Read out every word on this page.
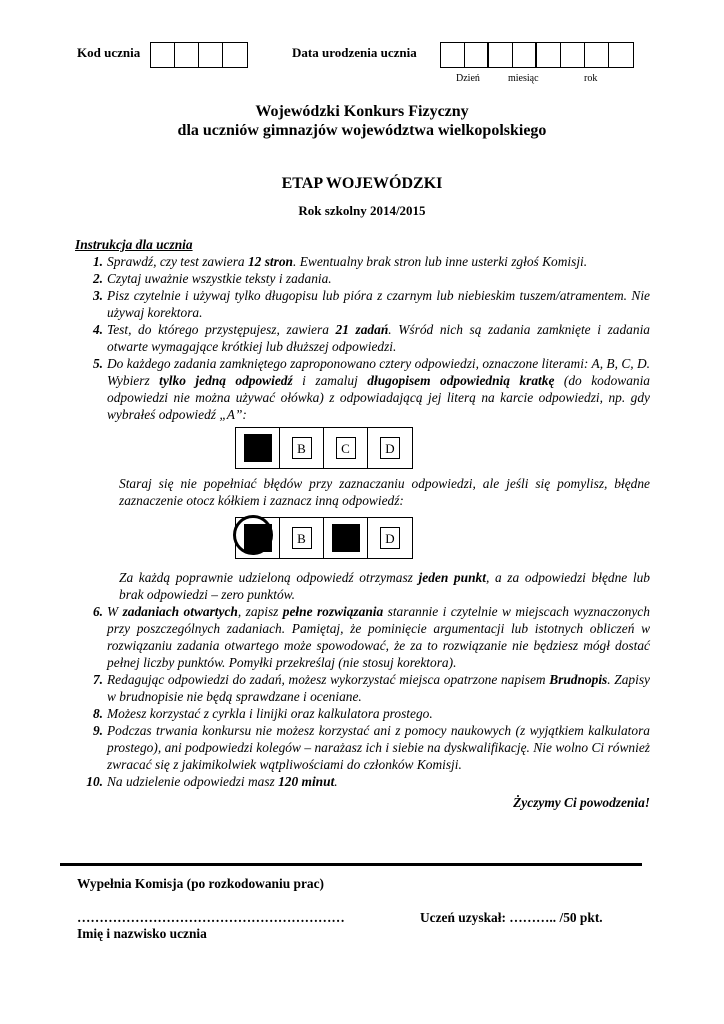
Kod ucznia	Data urodzenia ucznia
Dzień	miesiąc	rok
Wojewódzki Konkurs Fizyczny
dla uczniów gimnazjów województwa wielkopolskiego
ETAP WOJEWÓDZKI
Rok szkolny 2014/2015
Instrukcja dla ucznia
1. Sprawdź, czy test zawiera 12 stron. Ewentualny brak stron lub inne usterki zgłoś Komisji.
2. Czytaj uważnie wszystkie teksty i zadania.
3. Pisz czytelnie i używaj tylko długopisu lub pióra z czarnym lub niebieskim tuszem/atramentem. Nie używaj korektora.
4. Test, do którego przystępujesz, zawiera 21 zadań. Wśród nich są zadania zamknięte i zadania otwarte wymagające krótkiej lub dłuższej odpowiedzi.
5. Do każdego zadania zamkniętego zaproponowano cztery odpowiedzi, oznaczone literami: A, B, C, D. Wybierz tylko jedną odpowiedź i zamaluj długopisem odpowiednią kratkę (do kodowania odpowiedzi nie można używać ołówka) z odpowiadającą jej literą na karcie odpowiedzi, np. gdy wybrałeś odpowiedź „A”:
B	C	D
Staraj się nie popełniać błędów przy zaznaczaniu odpowiedzi, ale jeśli się pomylisz, błędne zaznaczenie otocz kółkiem i zaznacz inną odpowiedź:
B	D
Za każdą poprawnie udzieloną odpowiedź otrzymasz jeden punkt, a za odpowiedzi błędne lub brak odpowiedzi – zero punktów.
6. W zadaniach otwartych, zapisz pełne rozwiązania starannie i czytelnie w miejscach wyznaczonych przy poszczególnych zadaniach. Pamiętaj, że pominięcie argumentacji lub istotnych obliczeń w rozwiązaniu zadania otwartego może spowodować, że za to rozwiązanie nie będziesz mógł dostać pełnej liczby punktów. Pomyłki przekreślaj (nie stosuj korektora).
7. Redagując odpowiedzi do zadań, możesz wykorzystać miejsca opatrzone napisem Brudnopis. Zapisy w brudnopisie nie będą sprawdzane i oceniane.
8. Możesz korzystać z cyrkla i linijki oraz kalkulatora prostego.
9. Podczas trwania konkursu nie możesz korzystać ani z pomocy naukowych (z wyjątkiem kalkulatora prostego), ani podpowiedzi kolegów – narażasz ich i siebie na dyskwalifikację. Nie wolno Ci również zwracać się z jakimikolwiek wątpliwościami do członków Komisji.
10. Na udzielenie odpowiedzi masz 120 minut.
Życzymy Ci powodzenia!
Wypełnia Komisja (po rozkodowaniu prac)
……………………………………………………
Imię i nazwisko ucznia
Uczeń uzyskał: ……….. /50 pkt.
